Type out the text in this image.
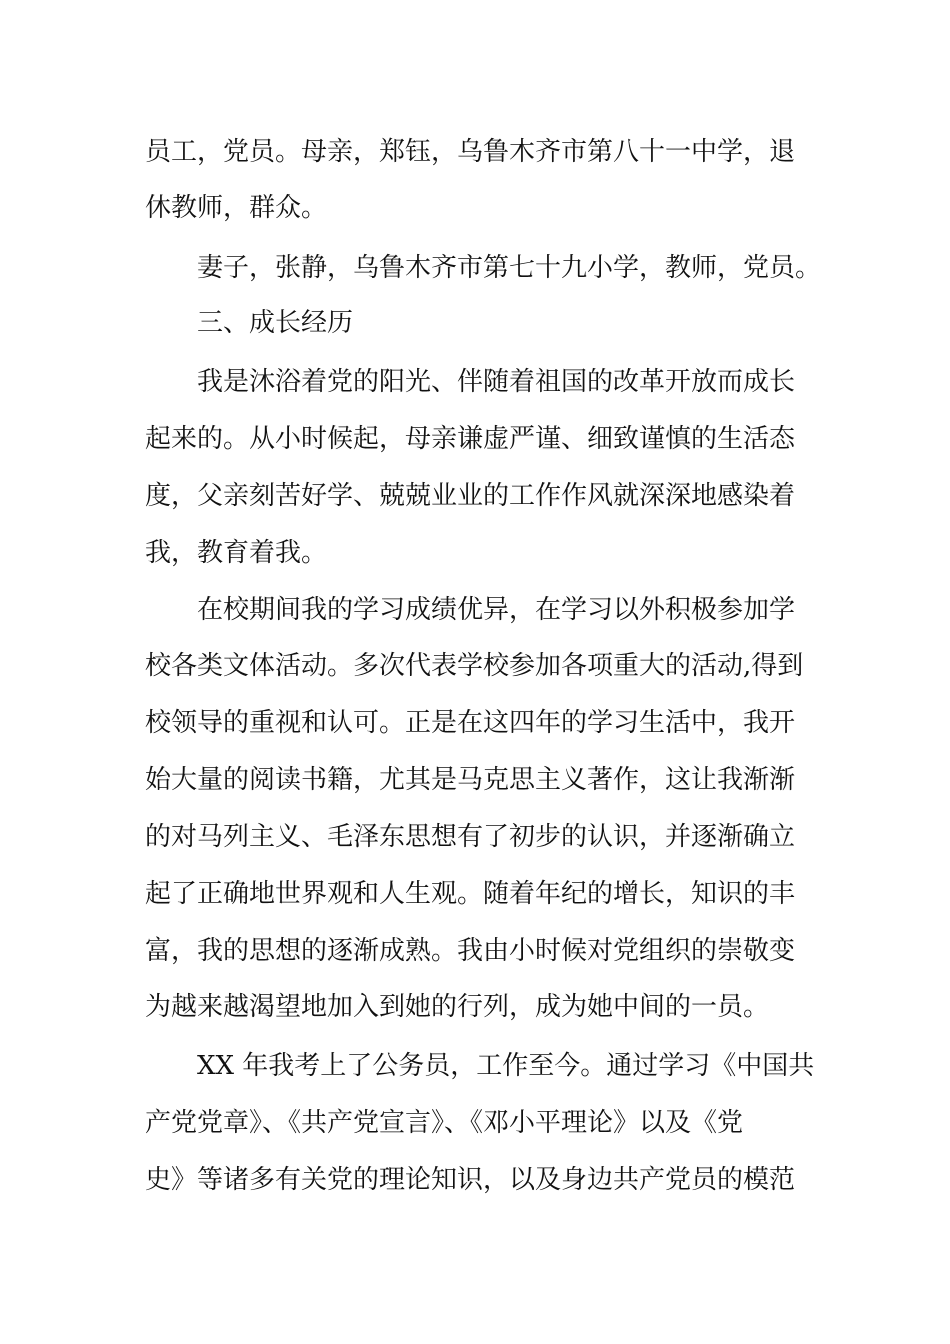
员工，党员。母亲，郑钰，乌鲁木齐市第八十一中学，退
休教师，群众。
妻子，张静，乌鲁木齐市第七十九小学，教师，党员。
三、成长经历
我是沐浴着党的阳光、伴随着祖国的改革开放而成长
起来的。从小时候起，母亲谦虚严谨、细致谨慎的生活态
度，父亲刻苦好学、兢兢业业的工作作风就深深地感染着
我，教育着我。
在校期间我的学习成绩优异，在学习以外积极参加学
校各类文体活动。多次代表学校参加各项重大的活动,得到
校领导的重视和认可。正是在这四年的学习生活中，我开
始大量的阅读书籍，尤其是马克思主义著作，这让我渐渐
的对马列主义、毛泽东思想有了初步的认识，并逐渐确立
起了正确地世界观和人生观。随着年纪的增长，知识的丰
富，我的思想的逐渐成熟。我由小时候对党组织的崇敬变
为越来越渴望地加入到她的行列，成为她中间的一员。
XX 年我考上了公务员，工作至今。通过学习《中国共
产党党章》、《共产党宣言》、《邓小平理论》以及《党
史》等诸多有关党的理论知识，以及身边共产党员的模范
